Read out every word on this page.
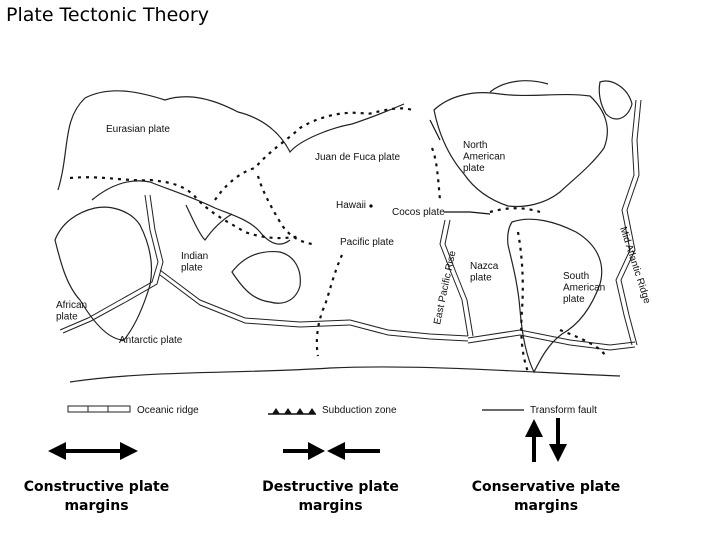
Plate Tectonic Theory
Eurasian plate
Juan de Fuca plate
North American plate
Hawaii
Cocos plate
Pacific plate
Indian plate
African plate
Antarctic plate
Nazca plate	South American plate
East Pacific Rise	Mid Atlantic Ridge
Oceanic ridge	Subduction zone	Transform fault
Constructive plate
margins
Destructive plate
margins
Conservative plate
margins
